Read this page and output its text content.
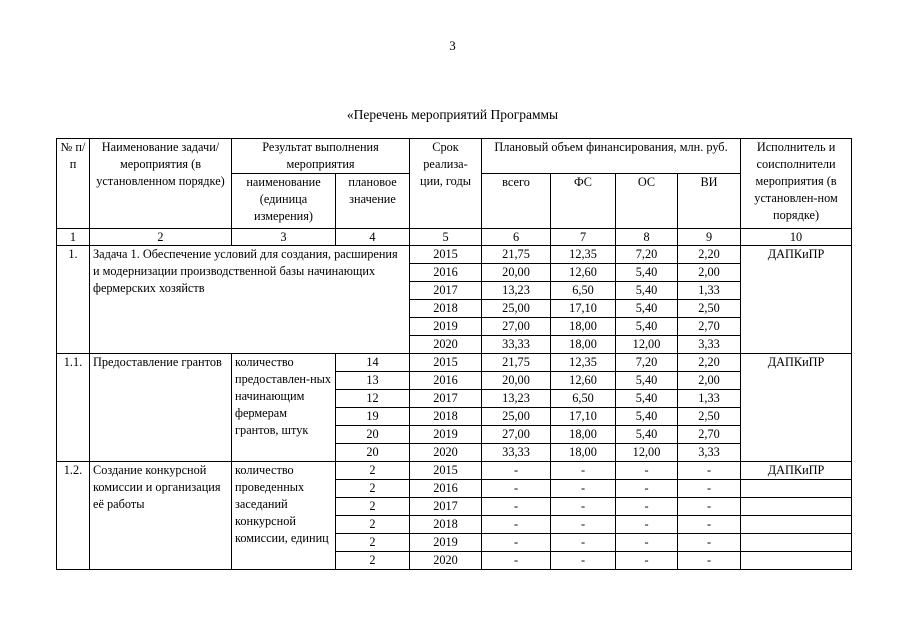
3
«Перечень мероприятий Программы
№ п/п	Наименование задачи/мероприятия (в установленном порядке)	Результат выполнения мероприятия		Срок реализа-ции, годы	Плановый объем финансирования, млн. руб.				Исполнитель и соисполнители мероприятия (в установлен-ном порядке)
		наименование (единица измерения)	плановое значение		всего	ФС	ОС	ВИ	
1	2	3	4	5	6	7	8	9	10
1.	Задача 1. Обеспечение условий для создания, расширения и модернизации производственной базы начинающих фермерских хозяйств			2015	21,75	12,35	7,20	2,20	ДАПКиПР
				2016	20,00	12,60	5,40	2,00	
				2017	13,23	6,50	5,40	1,33	
				2018	25,00	17,10	5,40	2,50	
				2019	27,00	18,00	5,40	2,70	
				2020	33,33	18,00	12,00	3,33	
1.1.	Предоставление грантов	количество предоставлен-ных начинающим фермерам грантов, штук	14	2015	21,75	12,35	7,20	2,20	ДАПКиПР
			13	2016	20,00	12,60	5,40	2,00	
			12	2017	13,23	6,50	5,40	1,33	
			19	2018	25,00	17,10	5,40	2,50	
			20	2019	27,00	18,00	5,40	2,70	
			20	2020	33,33	18,00	12,00	3,33	
1.2.	Создание конкурсной комиссии и организация её работы	количество проведенных заседаний конкурсной комиссии, единиц	2	2015	-	-	-	-	ДАПКиПР
			2	2016	-	-	-	-	
			2	2017	-	-	-	-	
			2	2018	-	-	-	-	
			2	2019	-	-	-	-	
			2	2020	-	-	-	-	
